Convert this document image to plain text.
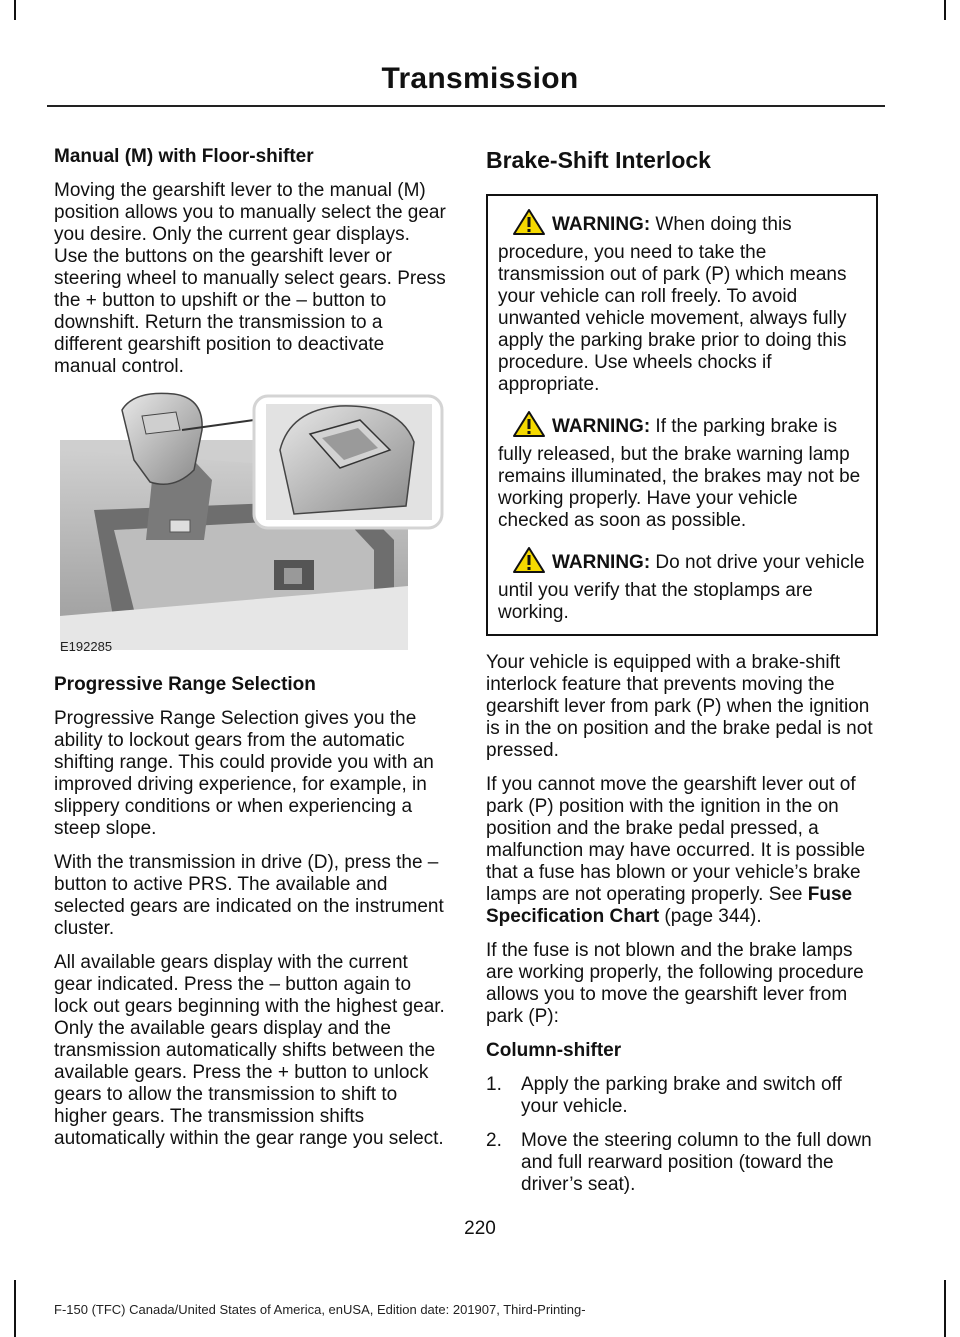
Transmission
Manual (M) with Floor-shifter

Moving the gearshift lever to the manual (M) position allows you to manually select the gear you desire. Only the current gear displays. Use the buttons on the gearshift lever or steering wheel to manually select gears. Press the + button to upshift or the – button to downshift. Return the transmission to a different gearshift position to deactivate manual control.

E192285
Progressive Range Selection

Progressive Range Selection gives you the ability to lockout gears from the automatic shifting range. This could provide you with an improved driving experience, for example, in slippery conditions or when experiencing a steep slope.

With the transmission in drive (D), press the – button to active PRS. The available and selected gears are indicated on the instrument cluster.

All available gears display with the current gear indicated. Press the – button again to lock out gears beginning with the highest gear. Only the available gears display and the transmission automatically shifts between the available gears. Press the + button to unlock gears to allow the transmission to shift to higher gears. The transmission shifts automatically within the gear range you select.

Brake-Shift Interlock
WARNING: When doing this procedure, you need to take the transmission out of park (P) which means your vehicle can roll freely. To avoid unwanted vehicle movement, always fully apply the parking brake prior to doing this procedure. Use wheels chocks if appropriate.
WARNING: If the parking brake is fully released, but the brake warning lamp remains illuminated, the brakes may not be working properly. Have your vehicle checked as soon as possible.
WARNING: Do not drive your vehicle until you verify that the stoplamps are working.

Your vehicle is equipped with a brake-shift interlock feature that prevents moving the gearshift lever from park (P) when the ignition is in the on position and the brake pedal is not pressed.

If you cannot move the gearshift lever out of park (P) position with the ignition in the on position and the brake pedal pressed, a malfunction may have occurred. It is possible that a fuse has blown or your vehicle’s brake lamps are not operating properly. See Fuse Specification Chart (page 344).

If the fuse is not blown and the brake lamps are working properly, the following procedure allows you to move the gearshift lever from park (P):

Column-shifter
1. Apply the parking brake and switch off your vehicle.
2. Move the steering column to the full down and full rearward position (toward the driver’s seat).
220
F-150 (TFC) Canada/United States of America, enUSA, Edition date: 201907, Third-Printing-
